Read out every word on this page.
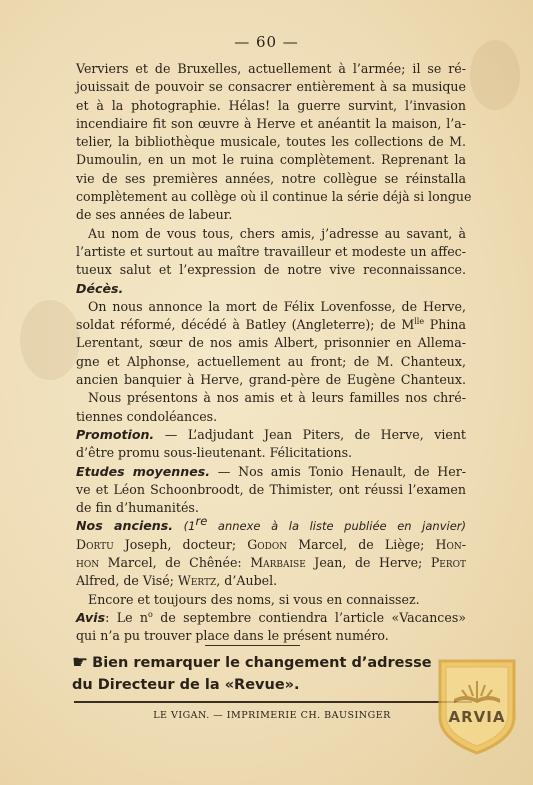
— 60 —
Verviers et de Bruxelles, actuellement à l’armée; il se ré-
jouissait de pouvoir se consacrer entièrement à sa musique
et à la photographie. Hélas! la guerre survint, l’invasion
incendiaire fit son œuvre à Herve et anéantit la maison, l’a-
telier, la bibliothèque musicale, toutes les collections de M.
Dumoulin, en un mot le ruina complètement. Reprenant la
vie de ses premières années, notre collègue se réinstalla
complètement au collège où il continue la série déjà si longue
de ses années de labeur.
Au nom de vous tous, chers amis, j’adresse au savant, à
l’artiste et surtout au maître travailleur et modeste un affec-
tueux salut et l’expression de notre vive reconnaissance.
Décès.
On nous annonce la mort de Félix Lovenfosse, de Herve,
soldat réformé, décédé à Batley (Angleterre); de $M^{lle}$ Phina
Lerentant, sœur de nos amis Albert, prisonnier en Allema-
gne et Alphonse, actuellement au front; de M. Chanteux,
ancien banquier à Herve, grand-père de Eugène Chanteux.
Nous présentons à nos amis et à leurs familles nos chré-
tiennes condoléances.
Promotion. — L’adjudant Jean Piters, de Herve, vient
d’être promu sous-lieutenant. Félicitations.
Etudes moyennes. — Nos amis Tonio Henault, de Her-
ve et Léon Schoonbroodt, de Thimister, ont réussi l’examen
de fin d’humanités.
Nos anciens. (1re annexe à la liste publiée en janvier)
Dortu Joseph, docteur; Godon Marcel, de Liège; Hon-
hon Marcel, de Chênée: Marbaise Jean, de Herve; Perot
Alfred, de Visé; Wertz, d’Aubel.
Encore et toujours des noms, si vous en connaissez.
Avis: Le $n^o$ de septembre contiendra l’article «Vacances»
qui n’a pu trouver place dans le présent numéro.
☛ Bien remarquer le changement d’adresse
du Directeur de la «Revue».
LE VIGAN. — IMPRIMERIE CH. BAUSINGER	ARVIA
